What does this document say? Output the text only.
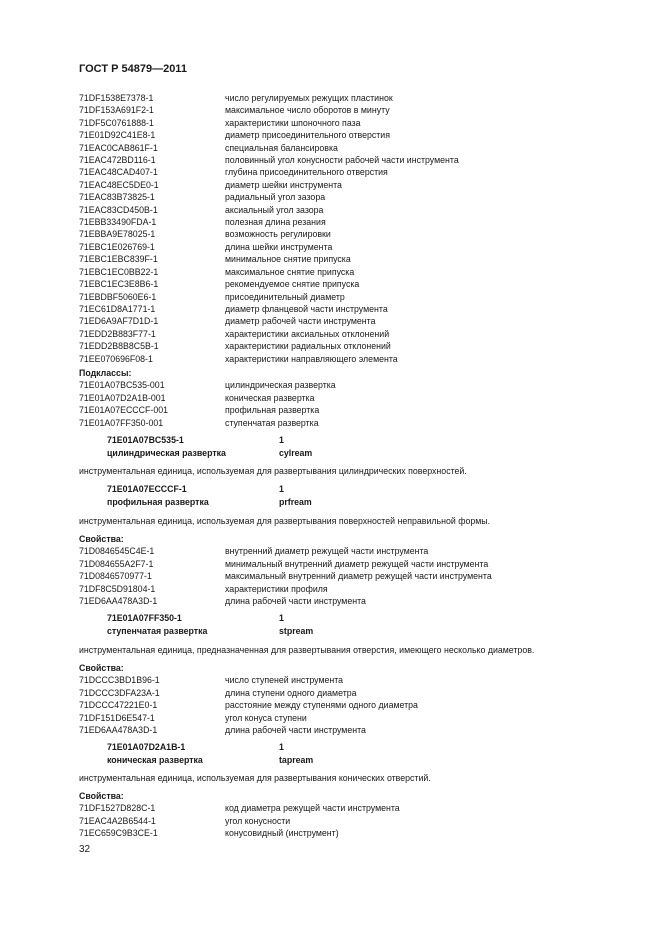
ГОСТ Р 54879—2011
71DF1538E7378-1	число регулируемых режущих пластинок
71DF153A691F2-1	максимальное число оборотов в минуту
71DF5C0761888-1	характеристики шпоночного паза
71E01D92C41E8-1	диаметр присоединительного отверстия
71EAC0CAB861F-1	специальная балансировка
71EAC472BD116-1	половинный угол конусности рабочей части инструмента
71EAC48CAD407-1	глубина присоединительного отверстия
71EAC48EC5DE0-1	диаметр шейки инструмента
71EAC83B73825-1	радиальный угол зазора
71EAC83CD450B-1	аксиальный угол зазора
71EBB33490FDA-1	полезная длина резания
71EBBA9E78025-1	возможность регулировки
71EBC1E026769-1	длина шейки инструмента
71EBC1EBC839F-1	минимальное снятие припуска
71EBC1EC0BB22-1	максимальное снятие припуска
71EBC1EC3E8B6-1	рекомендуемое снятие припуска
71EBDBF5060E6-1	присоединительный диаметр
71EC61D8A1771-1	диаметр фланцевой части инструмента
71ED6A9AF7D1D-1	диаметр рабочей части инструмента
71EDD2B883F77-1	характеристики аксиальных отклонений
71EDD2B8B8C5B-1	характеристики радиальных отклонений
71EE070696F08-1	характеристики направляющего элемента
Подклассы:
71E01A07BC535-001	цилиндрическая развертка
71E01A07D2A1B-001	коническая развертка
71E01A07ECCCF-001	профильная развертка
71E01A07FF350-001	ступенчатая развертка
71E01A07BC535-1	1
цилиндрическая развертка	cylream
инструментальная единица, используемая для развертывания цилиндрических поверхностей.
71E01A07ECCCF-1	1
профильная развертка	prfream
инструментальная единица, используемая для развертывания поверхностей неправильной формы.
Свойства:
71D0846545C4E-1	внутренний диаметр режущей части инструмента
71D084655A2F7-1	минимальный внутренний диаметр режущей части инструмента
71D0846570977-1	максимальный внутренний диаметр режущей части инструмента
71DF8C5D91804-1	характеристики профиля
71ED6AA478A3D-1	длина рабочей части инструмента
71E01A07FF350-1	1
ступенчатая развертка	stpream
инструментальная единица, предназначенная для развертывания отверстия, имеющего несколько диаметров.
Свойства:
71DCCC3BD1B96-1	число ступеней инструмента
71DCCC3DFA23A-1	длина ступени одного диаметра
71DCCC47221E0-1	расстояние между ступенями одного диаметра
71DF151D6E547-1	угол конуса ступени
71ED6AA478A3D-1	длина рабочей части инструмента
71E01A07D2A1B-1	1
коническая развертка	tapream
инструментальная единица, используемая для развертывания конических отверстий.
Свойства:
71DF1527D828C-1	код диаметра режущей части инструмента
71EAC4A2B6544-1	угол конусности
71EC659C9B3CE-1	конусовидный (инструмент)
32
